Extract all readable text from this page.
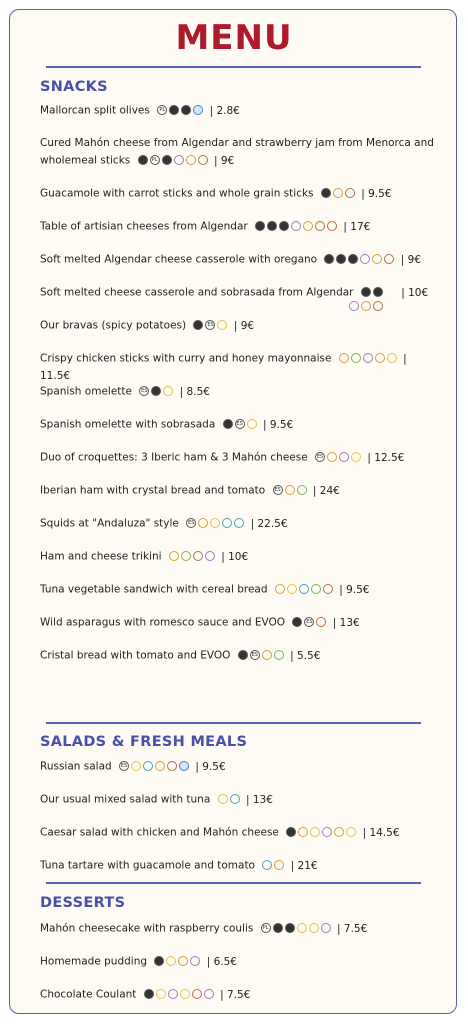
MENU
SNACKS
Mallorcan split olives PL	| 2.8€
Cured Mahón cheese from Algendar and strawberry jam from Menorca and
wholemeal sticks	PL	| 9€
Guacamole with carrot sticks and whole grain sticks	| 9.5€
Table of artisian cheeses from Algendar	| 17€
Soft melted Algendar cheese casserole with oregano	| 9€
Soft melted cheese casserole and sobrasada from Algendar	| 10€
Our bravas (spicy potatoes)	ES | 9€
Crispy chicken sticks with curry and honey mayonnaise	| 11.5€
Spanish omelette ES	| 8.5€
Spanish omelette with sobrasada	ES | 9.5€
Duo of croquettes: 3 Iberic ham & 3 Mahón cheese ES	| 12.5€
Iberian ham with crystal bread and tomato ES	| 24€
Squids at "Andaluza" style ES	| 22.5€
Ham and cheese trikini	| 10€
Tuna vegetable sandwich with cereal bread	| 9.5€
Wild asparagus with romesco sauce and EVOO	ES | 13€
Cristal bread with tomato and EVOO	ES	| 5.5€
SALADS & FRESH MEALS
Russian salad ES	| 9.5€
Our usual mixed salad with tuna	| 13€
Caesar salad with chicken and Mahón cheese	| 14.5€
Tuna tartare with guacamole and tomato	| 21€
DESSERTS
Mahón cheesecake with raspberry coulis PL	| 7.5€
Homemade pudding	| 6.5€
Chocolate Coulant	| 7.5€
